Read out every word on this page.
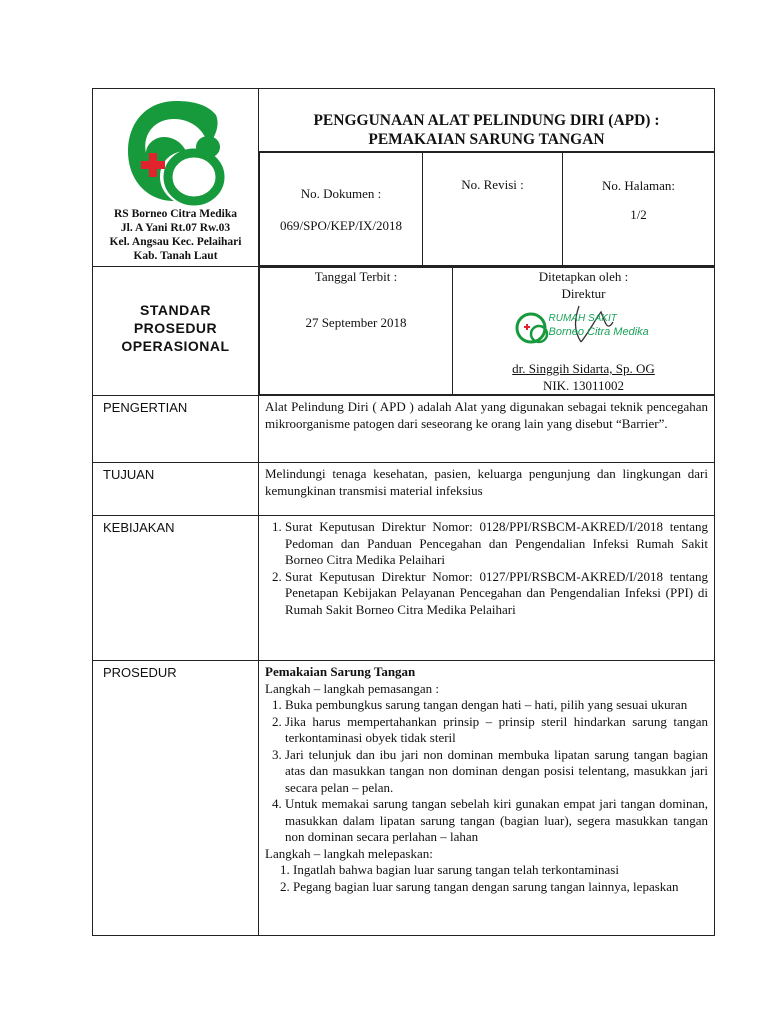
RS Borneo Citra Medika
Jl. A Yani Rt.07 Rw.03
Kel. Angsau Kec. Pelaihari
Kab. Tanah Laut

PENGGUNAAN ALAT PELINDUNG DIRI (APD) :
PEMAKAIAN SARUNG TANGAN

No. Dokumen :
069/SPO/KEP/IX/2018

No. Revisi :	No. Halaman:
1/2

STANDAR
PROSEDUR
OPERASIONAL

Tanggal Terbit :
27 September 2018

Ditetapkan oleh :
Direktur
RUMAH SAKIT
Borneo Citra Medika
dr. Singgih Sidarta, Sp. OG
NIK. 13011002

PENGERTIAN	Alat Pelindung Diri ( APD ) adalah Alat yang digunakan sebagai teknik pencegahan mikroorganisme patogen dari seseorang ke orang lain yang disebut “Barrier”.
TUJUAN	Melindungi tenaga kesehatan, pasien, keluarga pengunjung dan lingkungan dari kemungkinan transmisi material infeksius
KEBIJAKAN	
1.Surat Keputusan Direktur Nomor: 0128/PPI/RSBCM-AKRED/I/2018 tentang Pedoman dan Panduan Pencegahan dan Pengendalian Infeksi Rumah Sakit Borneo Citra Medika Pelaihari
2. Surat Keputusan Direktur Nomor: 0127/PPI/RSBCM-AKRED/I/2018 tentang Penetapan Kebijakan Pelayanan Pencegahan dan Pengendalian Infeksi (PPI) di Rumah Sakit Borneo Citra Medika Pelaihari

PROSEDUR	Pemakaian Sarung Tangan
Langkah – langkah pemasangan :
1. Buka pembungkus sarung tangan dengan hati – hati, pilih yang sesuai ukuran
2. Jika harus mempertahankan prinsip – prinsip steril hindarkan sarung tangan terkontaminasi obyek tidak steril
3. Jari telunjuk dan ibu jari non dominan membuka lipatan sarung tangan bagian atas dan masukkan tangan non dominan dengan posisi telentang, masukkan jari secara pelan – pelan.
4. Untuk memakai sarung tangan sebelah kiri gunakan empat jari tangan dominan, masukkan dalam lipatan sarung tangan (bagian luar), segera masukkan tangan non dominan secara perlahan – lahan
Langkah – langkah melepaskan:
1. Ingatlah bahwa bagian luar sarung tangan telah terkontaminasi
2. Pegang bagian luar sarung tangan dengan sarung tangan lainnya, lepaskan
